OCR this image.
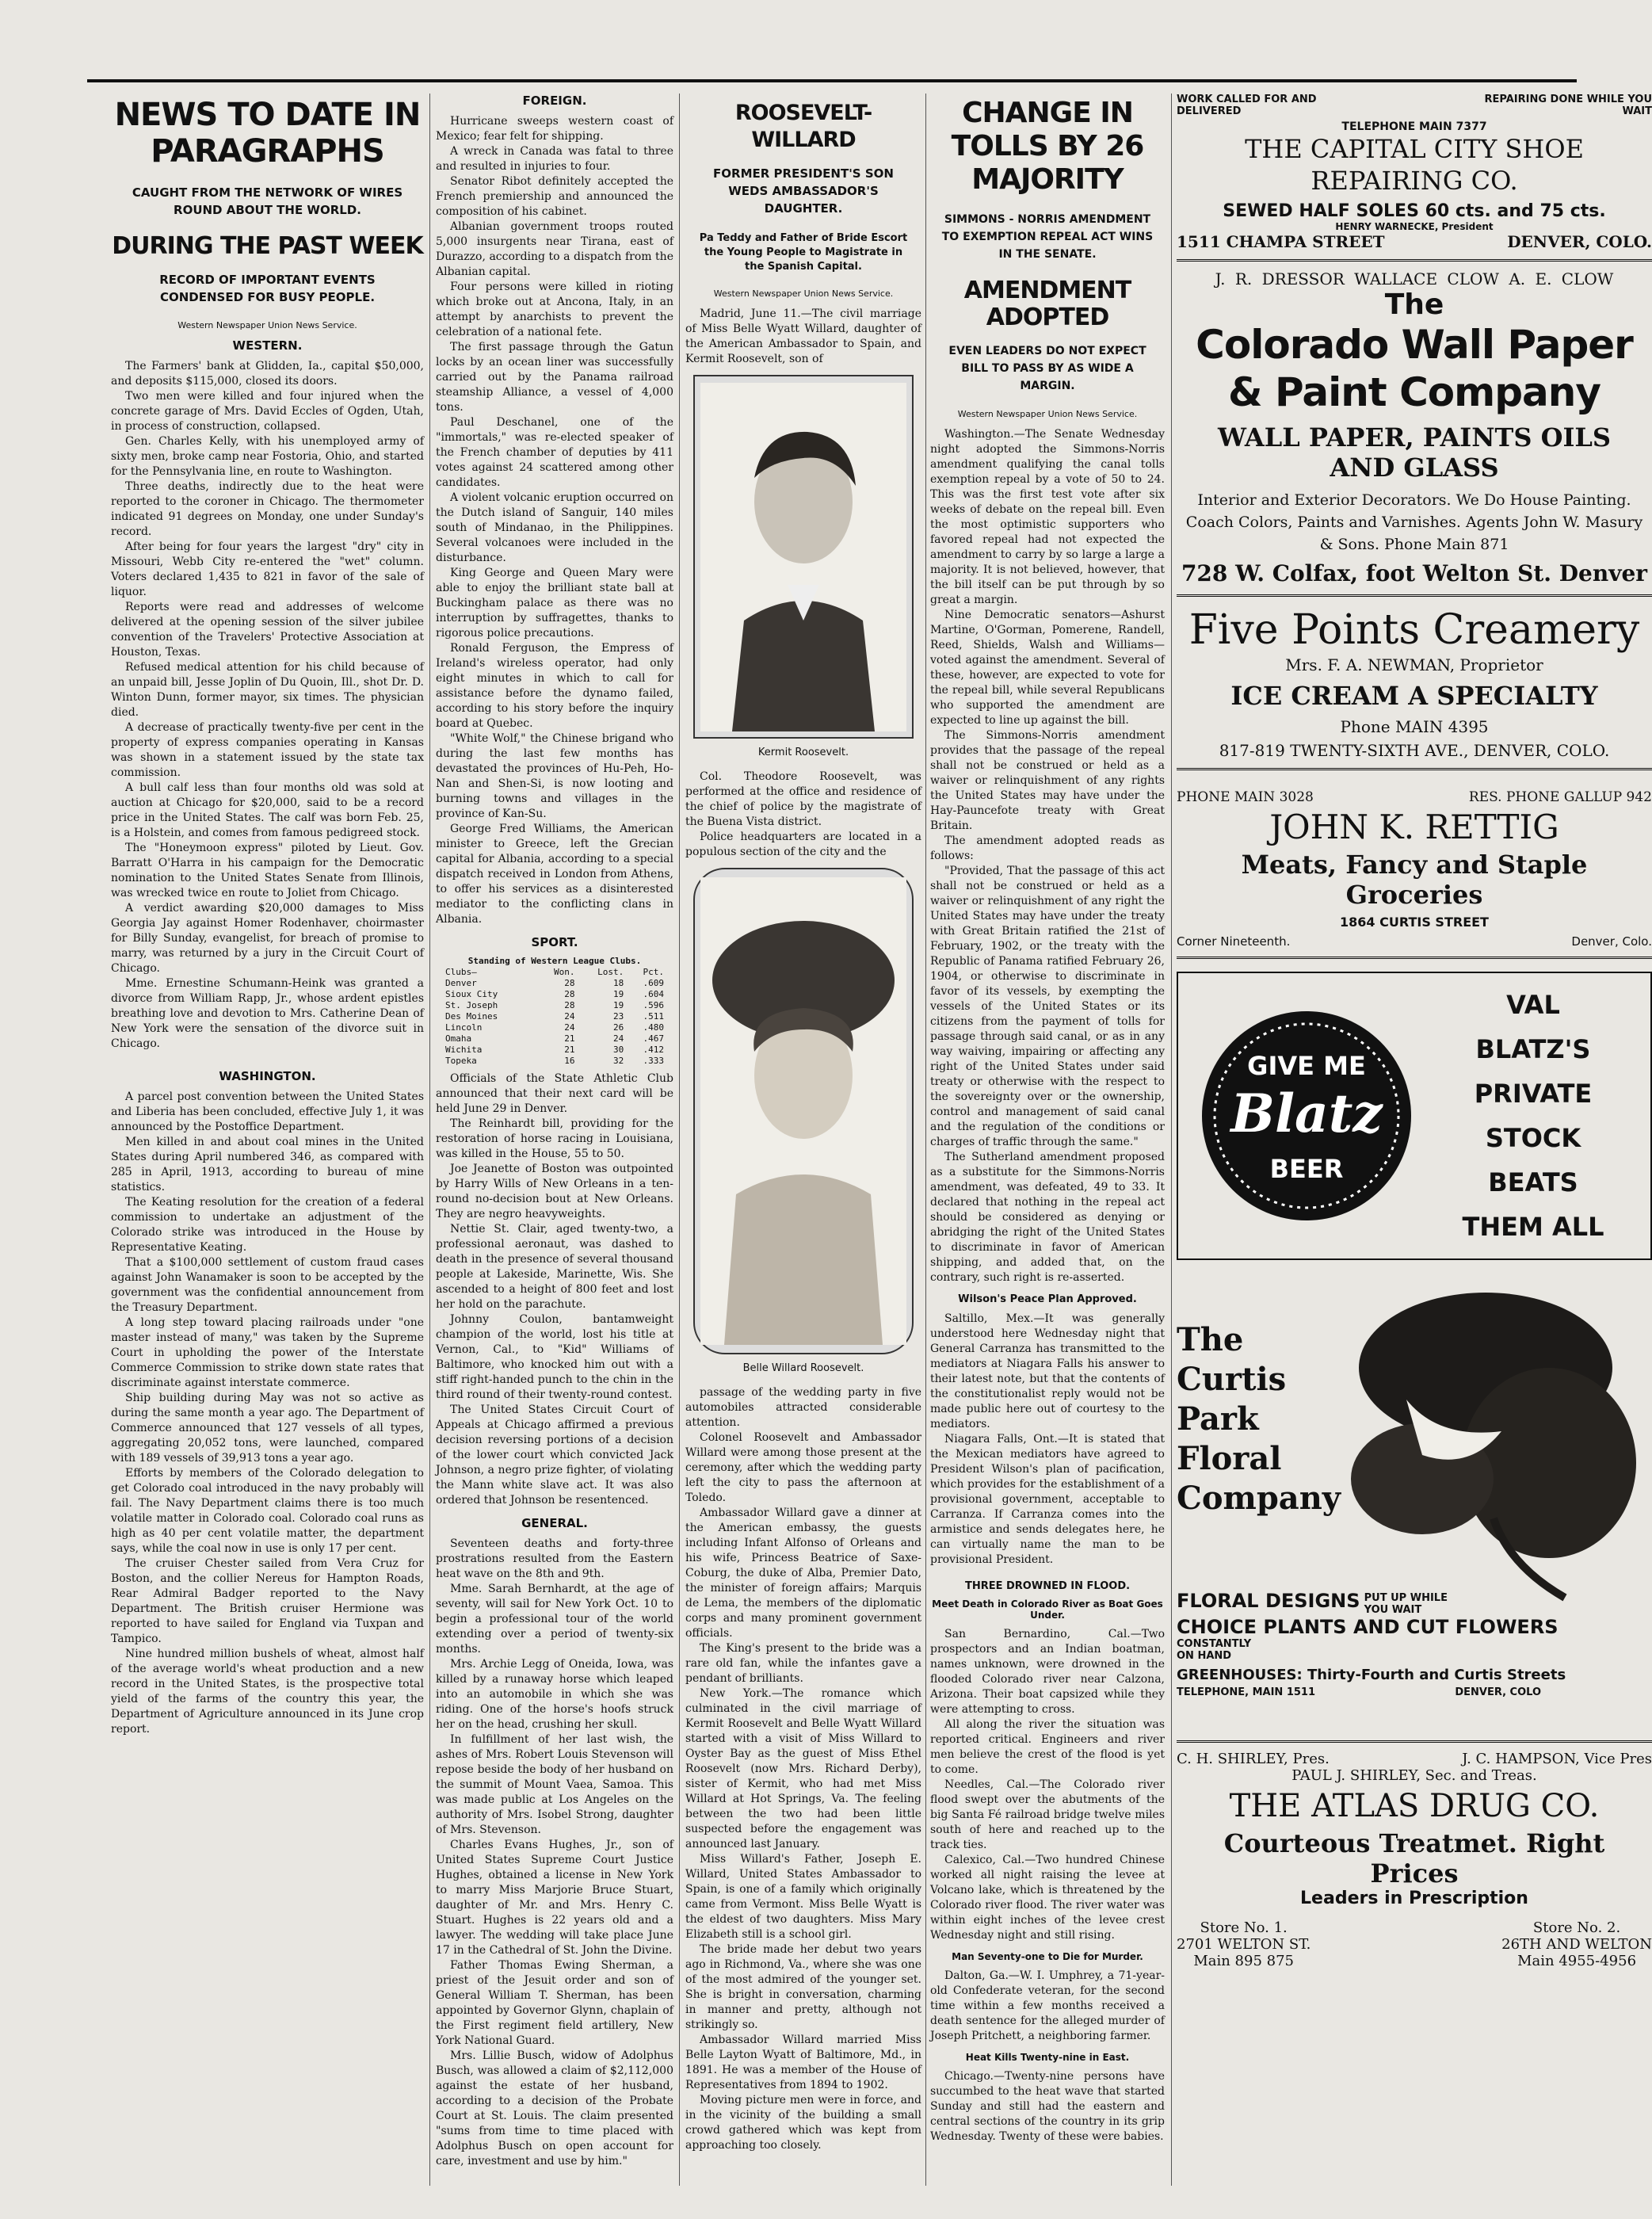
NEWS TO DATE IN PARAGRAPHS
CAUGHT FROM THE NETWORK OF WIRES ROUND ABOUT THE WORLD.
DURING THE PAST WEEK
RECORD OF IMPORTANT EVENTS CONDENSED FOR BUSY PEOPLE.
Western Newspaper Union News Service.
WESTERN.

The Farmers' bank at Glidden, Ia., capital $50,000, and deposits $115,000, closed its doors.

Two men were killed and four injured when the concrete garage of Mrs. David Eccles of Ogden, Utah, in process of construction, collapsed.

Gen. Charles Kelly, with his unemployed army of sixty men, broke camp near Fostoria, Ohio, and started for the Pennsylvania line, en route to Washington.

Three deaths, indirectly due to the heat were reported to the coroner in Chicago. The thermometer indicated 91 degrees on Monday, one under Sunday's record.

After being for four years the largest "dry" city in Missouri, Webb City re-entered the "wet" column. Voters declared 1,435 to 821 in favor of the sale of liquor.

Reports were read and addresses of welcome delivered at the opening session of the silver jubilee convention of the Travelers' Protective Association at Houston, Texas.

Refused medical attention for his child because of an unpaid bill, Jesse Joplin of Du Quoin, Ill., shot Dr. D. Winton Dunn, former mayor, six times. The physician died.

A decrease of practically twenty-five per cent in the property of express companies operating in Kansas was shown in a statement issued by the state tax commission.

A bull calf less than four months old was sold at auction at Chicago for $20,000, said to be a record price in the United States. The calf was born Feb. 25, is a Holstein, and comes from famous pedigreed stock.

The "Honeymoon express" piloted by Lieut. Gov. Barratt O'Harra in his campaign for the Democratic nomination to the United States Senate from Illinois, was wrecked twice en route to Joliet from Chicago.

A verdict awarding $20,000 damages to Miss Georgia Jay against Homer Rodenhaver, choirmaster for Billy Sunday, evangelist, for breach of promise to marry, was returned by a jury in the Circuit Court of Chicago.

Mme. Ernestine Schumann-Heink was granted a divorce from William Rapp, Jr., whose ardent epistles breathing love and devotion to Mrs. Catherine Dean of New York were the sensation of the divorce suit in Chicago.

WASHINGTON.

A parcel post convention between the United States and Liberia has been concluded, effective July 1, it was announced by the Postoffice Department.

Men killed in and about coal mines in the United States during April numbered 346, as compared with 285 in April, 1913, according to bureau of mine statistics.

The Keating resolution for the creation of a federal commission to undertake an adjustment of the Colorado strike was introduced in the House by Representative Keating.

That a $100,000 settlement of custom fraud cases against John Wanamaker is soon to be accepted by the government was the confidential announcement from the Treasury Department.

A long step toward placing railroads under "one master instead of many," was taken by the Supreme Court in upholding the power of the Interstate Commerce Commission to strike down state rates that discriminate against interstate commerce.

Ship building during May was not so active as during the same month a year ago. The Department of Commerce announced that 127 vessels of all types, aggregating 20,052 tons, were launched, compared with 189 vessels of 39,913 tons a year ago.

Efforts by members of the Colorado delegation to get Colorado coal introduced in the navy probably will fail. The Navy Department claims there is too much volatile matter in Colorado coal. Colorado coal runs as high as 40 per cent volatile matter, the department says, while the coal now in use is only 17 per cent.

The cruiser Chester sailed from Vera Cruz for Boston, and the collier Nereus for Hampton Roads, Rear Admiral Badger reported to the Navy Department. The British cruiser Hermione was reported to have sailed for England via Tuxpan and Tampico.

Nine hundred million bushels of wheat, almost half of the average world's wheat production and a new record in the United States, is the prospective total yield of the farms of the country this year, the Department of Agriculture announced in its June crop report.

FOREIGN.

Hurricane sweeps western coast of Mexico; fear felt for shipping.

A wreck in Canada was fatal to three and resulted in injuries to four.

Senator Ribot definitely accepted the French premiership and announced the composition of his cabinet.

Albanian government troops routed 5,000 insurgents near Tirana, east of Durazzo, according to a dispatch from the Albanian capital.

Four persons were killed in rioting which broke out at Ancona, Italy, in an attempt by anarchists to prevent the celebration of a national fete.

The first passage through the Gatun locks by an ocean liner was successfully carried out by the Panama railroad steamship Alliance, a vessel of 4,000 tons.

Paul Deschanel, one of the "immortals," was re-elected speaker of the French chamber of deputies by 411 votes against 24 scattered among other candidates.

A violent volcanic eruption occurred on the Dutch island of Sanguir, 140 miles south of Mindanao, in the Philippines. Several volcanoes were included in the disturbance.

King George and Queen Mary were able to enjoy the brilliant state ball at Buckingham palace as there was no interruption by suffragettes, thanks to rigorous police precautions.

Ronald Ferguson, the Empress of Ireland's wireless operator, had only eight minutes in which to call for assistance before the dynamo failed, according to his story before the inquiry board at Quebec.

"White Wolf," the Chinese brigand who during the last few months has devastated the provinces of Hu-Peh, Ho-Nan and Shen-Si, is now looting and burning towns and villages in the province of Kan-Su.

George Fred Williams, the American minister to Greece, left the Grecian capital for Albania, according to a special dispatch received in London from Athens, to offer his services as a disinterested mediator to the conflicting clans in Albania.

SPORT.
Standing of Western League Clubs.
Clubs—	Won.	Lost.	Pct.
Denver	28	18	.609
Sioux City	28	19	.604
St. Joseph	28	19	.596
Des Moines	24	23	.511
Lincoln	24	26	.480
Omaha	21	24	.467
Wichita	21	30	.412
Topeka	16	32	.333

Officials of the State Athletic Club announced that their next card will be held June 29 in Denver.

The Reinhardt bill, providing for the restoration of horse racing in Louisiana, was killed in the House, 55 to 50.

Joe Jeanette of Boston was outpointed by Harry Wills of New Orleans in a ten-round no-decision bout at New Orleans. They are negro heavyweights.

Nettie St. Clair, aged twenty-two, a professional aeronaut, was dashed to death in the presence of several thousand people at Lakeside, Marinette, Wis. She ascended to a height of 800 feet and lost her hold on the parachute.

Johnny Coulon, bantamweight champion of the world, lost his title at Vernon, Cal., to "Kid" Williams of Baltimore, who knocked him out with a stiff right-handed punch to the chin in the third round of their twenty-round contest.

The United States Circuit Court of Appeals at Chicago affirmed a previous decision reversing portions of a decision of the lower court which convicted Jack Johnson, a negro prize fighter, of violating the Mann white slave act. It was also ordered that Johnson be resentenced.

GENERAL.

Seventeen deaths and forty-three prostrations resulted from the Eastern heat wave on the 8th and 9th.

Mme. Sarah Bernhardt, at the age of seventy, will sail for New York Oct. 10 to begin a professional tour of the world extending over a period of twenty-six months.

Mrs. Archie Legg of Oneida, Iowa, was killed by a runaway horse which leaped into an automobile in which she was riding. One of the horse's hoofs struck her on the head, crushing her skull.

In fulfillment of her last wish, the ashes of Mrs. Robert Louis Stevenson will repose beside the body of her husband on the summit of Mount Vaea, Samoa. This was made public at Los Angeles on the authority of Mrs. Isobel Strong, daughter of Mrs. Stevenson.

Charles Evans Hughes, Jr., son of United States Supreme Court Justice Hughes, obtained a license in New York to marry Miss Marjorie Bruce Stuart, daughter of Mr. and Mrs. Henry C. Stuart. Hughes is 22 years old and a lawyer. The wedding will take place June 17 in the Cathedral of St. John the Divine.

Father Thomas Ewing Sherman, a priest of the Jesuit order and son of General William T. Sherman, has been appointed by Governor Glynn, chaplain of the First regiment field artillery, New York National Guard.

Mrs. Lillie Busch, widow of Adolphus Busch, was allowed a claim of $2,112,000 against the estate of her husband, according to a decision of the Probate Court at St. Louis. The claim presented "sums from time to time placed with Adolphus Busch on open account for care, investment and use by him."

ROOSEVELT-WILLARD
FORMER PRESIDENT'S SON WEDS AMBASSADOR'S DAUGHTER.
Pa Teddy and Father of Bride Escort the Young People to Magistrate in the Spanish Capital.
Western Newspaper Union News Service.

Madrid, June 11.—The civil marriage of Miss Belle Wyatt Willard, daughter of the American Ambassador to Spain, and Kermit Roosevelt, son of

Kermit Roosevelt.

Col. Theodore Roosevelt, was performed at the office and residence of the chief of police by the magistrate of the Buena Vista district.

Police headquarters are located in a populous section of the city and the

Belle Willard Roosevelt.

passage of the wedding party in five automobiles attracted considerable attention.

Colonel Roosevelt and Ambassador Willard were among those present at the ceremony, after which the wedding party left the city to pass the afternoon at Toledo.

Ambassador Willard gave a dinner at the American embassy, the guests including Infant Alfonso of Orleans and his wife, Princess Beatrice of Saxe-Coburg, the duke of Alba, Premier Dato, the minister of foreign affairs; Marquis de Lema, the members of the diplomatic corps and many prominent government officials.

The King's present to the bride was a rare old fan, while the infantes gave a pendant of brilliants.

New York.—The romance which culminated in the civil marriage of Kermit Roosevelt and Belle Wyatt Willard started with a visit of Miss Willard to Oyster Bay as the guest of Miss Ethel Roosevelt (now Mrs. Richard Derby), sister of Kermit, who had met Miss Willard at Hot Springs, Va. The feeling between the two had been little suspected before the engagement was announced last January.

Miss Willard's Father, Joseph E. Willard, United States Ambassador to Spain, is one of a family which originally came from Vermont. Miss Belle Wyatt is the eldest of two daughters. Miss Mary Elizabeth still is a school girl.

The bride made her debut two years ago in Richmond, Va., where she was one of the most admired of the younger set. She is bright in conversation, charming in manner and pretty, although not strikingly so.

Ambassador Willard married Miss Belle Layton Wyatt of Baltimore, Md., in 1891. He was a member of the House of Representatives from 1894 to 1902.

Moving picture men were in force, and in the vicinity of the building a small crowd gathered which was kept from approaching too closely.

CHANGE IN TOLLS BY 26 MAJORITY
SIMMONS - NORRIS AMENDMENT TO EXEMPTION REPEAL ACT WINS IN THE SENATE.
AMENDMENT ADOPTED
EVEN LEADERS DO NOT EXPECT BILL TO PASS BY AS WIDE A MARGIN.
Western Newspaper Union News Service.

Washington.—The Senate Wednesday night adopted the Simmons-Norris amendment qualifying the canal tolls exemption repeal by a vote of 50 to 24. This was the first test vote after six weeks of debate on the repeal bill. Even the most optimistic supporters who favored repeal had not expected the amendment to carry by so large a large a majority. It is not believed, however, that the bill itself can be put through by so great a margin.

Nine Democratic senators—Ashurst Martine, O'Gorman, Pomerene, Randell, Reed, Shields, Walsh and Williams—voted against the amendment. Several of these, however, are expected to vote for the repeal bill, while several Republicans who supported the amendment are expected to line up against the bill.

The Simmons-Norris amendment provides that the passage of the repeal shall not be construed or held as a waiver or relinquishment of any rights the United States may have under the Hay-Pauncefote treaty with Great Britain.

The amendment adopted reads as follows:

"Provided, That the passage of this act shall not be construed or held as a waiver or relinquishment of any right the United States may have under the treaty with Great Britain ratified the 21st of February, 1902, or the treaty with the Republic of Panama ratified February 26, 1904, or otherwise to discriminate in favor of its vessels, by exempting the vessels of the United States or its citizens from the payment of tolls for passage through said canal, or as in any way waiving, impairing or affecting any right of the United States under said treaty or otherwise with the respect to the sovereignty over or the ownership, control and management of said canal and the regulation of the conditions or charges of traffic through the same."

The Sutherland amendment proposed as a substitute for the Simmons-Norris amendment, was defeated, 49 to 33. It declared that nothing in the repeal act should be considered as denying or abridging the right of the United States to discriminate in favor of American shipping, and added that, on the contrary, such right is re-asserted.

Wilson's Peace Plan Approved.

Saltillo, Mex.—It was generally understood here Wednesday night that General Carranza has transmitted to the mediators at Niagara Falls his answer to their latest note, but that the contents of the constitutionalist reply would not be made public here out of courtesy to the mediators.

Niagara Falls, Ont.—It is stated that the Mexican mediators have agreed to President Wilson's plan of pacification, which provides for the establishment of a provisional government, acceptable to Carranza. If Carranza comes into the armistice and sends delegates here, he can virtually name the man to be provisional President.

THREE DROWNED IN FLOOD.
Meet Death in Colorado River as Boat Goes Under.

San Bernardino, Cal.—Two prospectors and an Indian boatman, names unknown, were drowned in the flooded Colorado river near Calzona, Arizona. Their boat capsized while they were attempting to cross.

All along the river the situation was reported critical. Engineers and river men believe the crest of the flood is yet to come.

Needles, Cal.—The Colorado river flood swept over the abutments of the big Santa Fé railroad bridge twelve miles south of here and reached up to the track ties.

Calexico, Cal.—Two hundred Chinese worked all night raising the levee at Volcano lake, which is threatened by the Colorado river flood. The river water was within eight inches of the levee crest Wednesday night and still rising.

Man Seventy-one to Die for Murder.

Dalton, Ga.—W. I. Umphrey, a 71-year-old Confederate veteran, for the second time within a few months received a death sentence for the alleged murder of Joseph Pritchett, a neighboring farmer.

Heat Kills Twenty-nine in East.

Chicago.—Twenty-nine persons have succumbed to the heat wave that started Sunday and still had the eastern and central sections of the country in its grip Wednesday. Twenty of these were babies.

WORK CALLED FOR AND DELIVERED
REPAIRING DONE WHILE YOU WAIT
TELEPHONE MAIN 7377
THE CAPITAL CITY SHOE REPAIRING CO.
SEWED HALF SOLES 60 cts. and 75 cts.
HENRY WARNECKE, President
1511 CHAMPA STREET	DENVER, COLO.
J. R. DRESSOR WALLACE CLOW A. E. CLOW
The
Colorado Wall Paper & Paint Company
WALL PAPER, PAINTS OILS AND GLASS
Interior and Exterior Decorators. We Do House Painting. Coach Colors, Paints and Varnishes. Agents John W. Masury & Sons. Phone Main 871
728 W. Colfax, foot Welton St. Denver
Five Points Creamery
Mrs. F. A. NEWMAN, Proprietor
ICE CREAM A SPECIALTY
Phone MAIN 4395
817-819 TWENTY-SIXTH AVE., DENVER, COLO.
PHONE MAIN 3028	RES. PHONE GALLUP 942
JOHN K. RETTIG
Meats, Fancy and Staple Groceries
1864 CURTIS STREET
Corner Nineteenth.	Denver, Colo.
GIVE ME
Blatz
BEER
VAL
BLATZ'S
PRIVATE
STOCK
BEATS
THEM ALL
The
Curtis
Park
Floral
Company
FLORAL DESIGNS PUT UP WHILE YOU WAIT
CHOICE PLANTS AND CUT FLOWERS CONSTANTLY ON HAND
GREENHOUSES: Thirty-Fourth and Curtis Streets
TELEPHONE, MAIN 1511	DENVER, COLO
C. H. SHIRLEY, Pres.	J. C. HAMPSON, Vice Pres
PAUL J. SHIRLEY, Sec. and Treas.
THE ATLAS DRUG CO.
Courteous Treatmet. Right Prices
Leaders in Prescription
Store No. 1.
2701 WELTON ST.
Main 895 875
Store No. 2.
26TH AND WELTON
Main 4955-4956
